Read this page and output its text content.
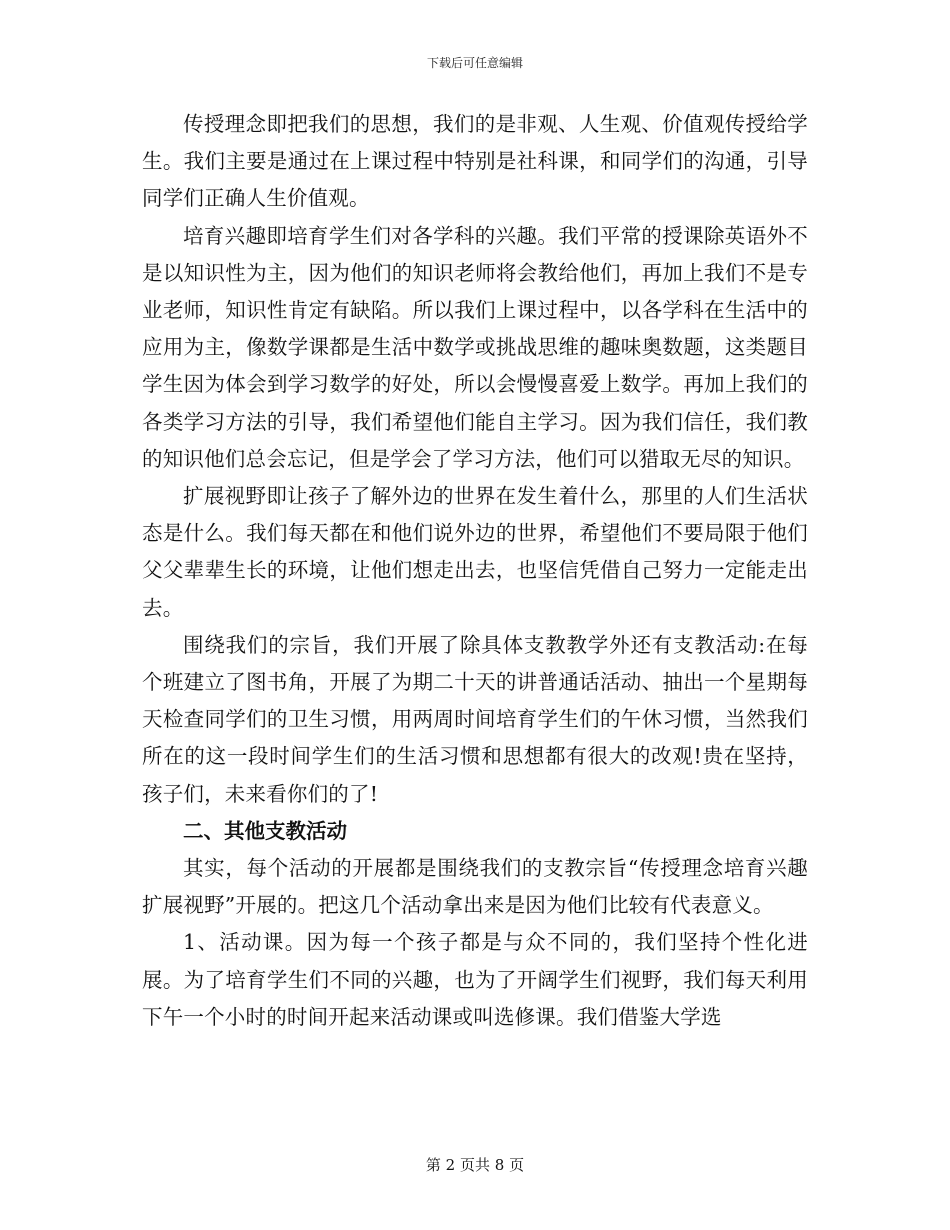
下载后可任意编辑

传授理念即把我们的思想，我们的是非观、人生观、价值观传授给学生。我们主要是通过在上课过程中特别是社科课，和同学们的沟通，引导同学们正确人生价值观。

培育兴趣即培育学生们对各学科的兴趣。我们平常的授课除英语外不是以知识性为主，因为他们的知识老师将会教给他们，再加上我们不是专业老师，知识性肯定有缺陷。所以我们上课过程中，以各学科在生活中的应用为主，像数学课都是生活中数学或挑战思维的趣味奥数题，这类题目学生因为体会到学习数学的好处，所以会慢慢喜爱上数学。再加上我们的各类学习方法的引导，我们希望他们能自主学习。因为我们信任，我们教的知识他们总会忘记，但是学会了学习方法，他们可以猎取无尽的知识。

扩展视野即让孩子了解外边的世界在发生着什么，那里的人们生活状态是什么。我们每天都在和他们说外边的世界，希望他们不要局限于他们父父辈辈生长的环境，让他们想走出去，也坚信凭借自己努力一定能走出去。

围绕我们的宗旨，我们开展了除具体支教教学外还有支教活动:在每个班建立了图书角，开展了为期二十天的讲普通话活动、抽出一个星期每天检查同学们的卫生习惯，用两周时间培育学生们的午休习惯，当然我们所在的这一段时间学生们的生活习惯和思想都有很大的改观!贵在坚持，孩子们，未来看你们的了!

二、其他支教活动

其实，每个活动的开展都是围绕我们的支教宗旨“传授理念培育兴趣扩展视野”开展的。把这几个活动拿出来是因为他们比较有代表意义。

1、活动课。因为每一个孩子都是与众不同的，我们坚持个性化进展。为了培育学生们不同的兴趣，也为了开阔学生们视野，我们每天利用下午一个小时的时间开起来活动课或叫选修课。我们借鉴大学选

第 2 页共 8 页
